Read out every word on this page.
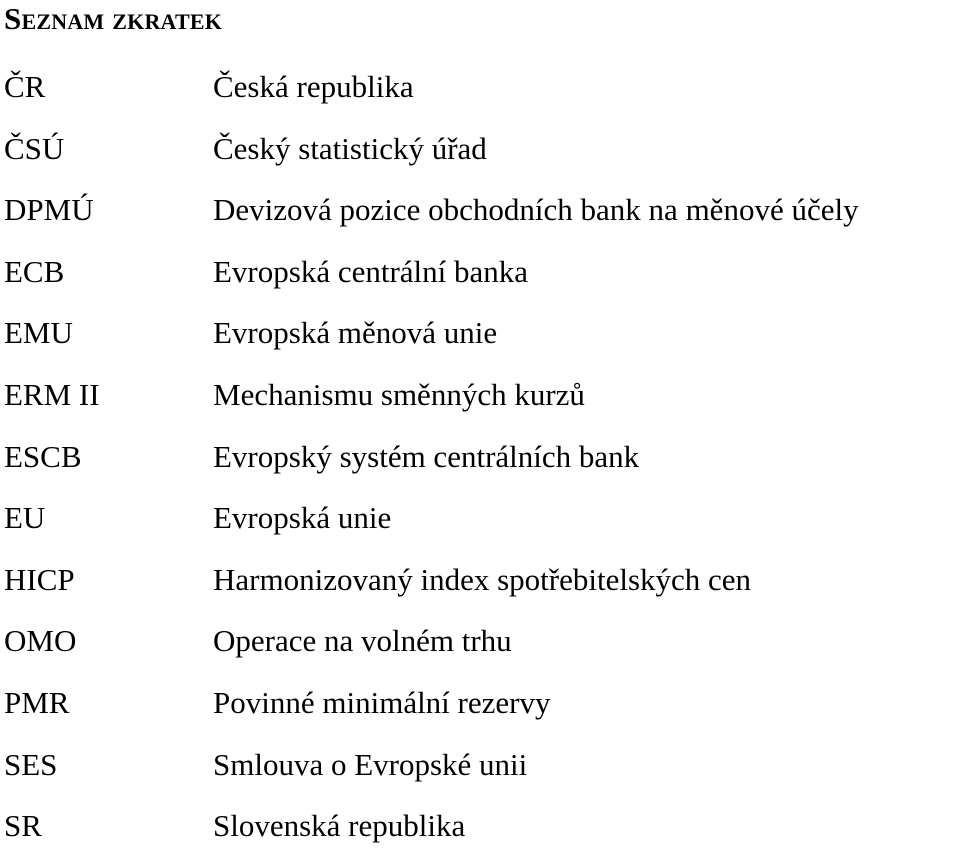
Seznam zkratek
ČR	Česká republika
ČSÚ	Český statistický úřad
DPMÚ	Devizová pozice obchodních bank na měnové účely
ECB	Evropská centrální banka
EMU	Evropská měnová unie
ERM II	Mechanismu směnných kurzů
ESCB	Evropský systém centrálních bank
EU	Evropská unie
HICP	Harmonizovaný index spotřebitelských cen
OMO	Operace na volném trhu
PMR	Povinné minimální rezervy
SES	Smlouva o Evropské unii
SR	Slovenská republika
